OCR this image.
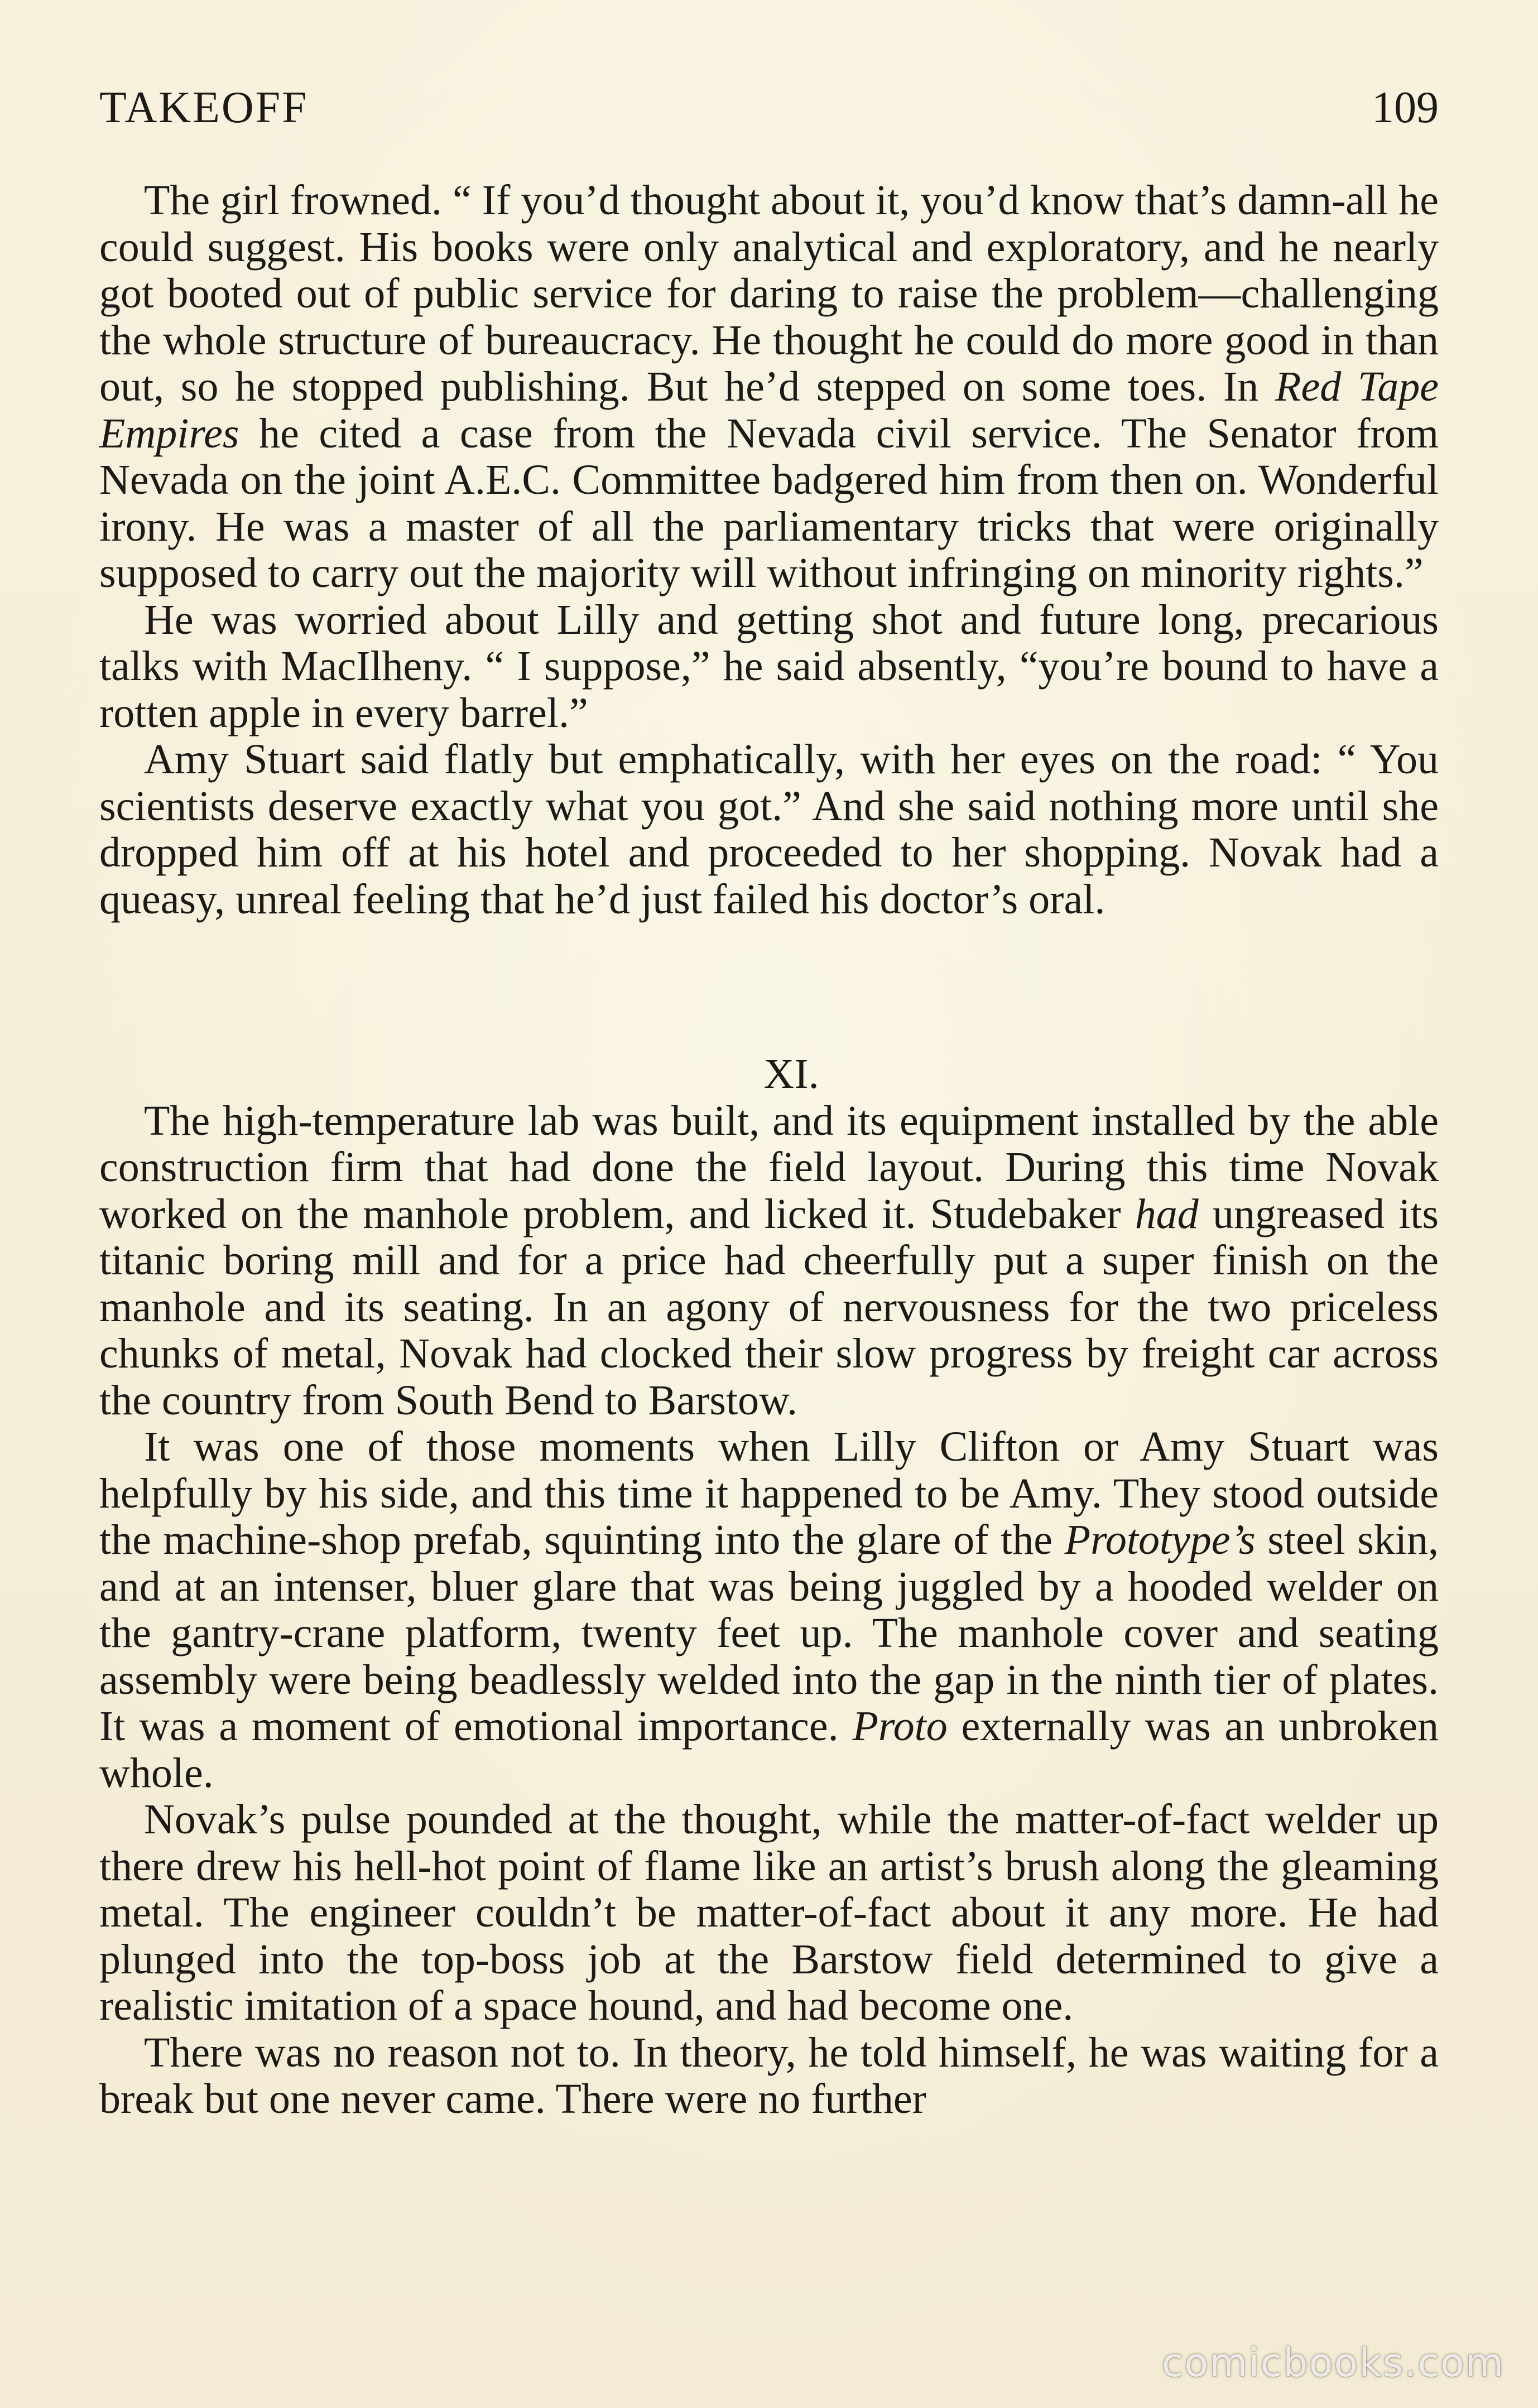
TAKEOFF	109

The girl frowned. “ If you’d thought about it, you’d know that’s damn-all he could suggest. His books were only analytical and exploratory, and he nearly got booted out of public service for daring to raise the problem—challenging the whole structure of bureaucracy. He thought he could do more good in than out, so he stopped publishing. But he’d stepped on some toes. In Red Tape Empires he cited a case from the Nevada civil service. The Senator from Nevada on the joint A.E.C. Committee badgered him from then on. Wonderful irony. He was a master of all the parliamentary tricks that were originally supposed to carry out the majority will without infringing on minority rights.”

He was worried about Lilly and getting shot and future long, precarious talks with MacIlheny. “ I suppose,” he said absently, “you’re bound to have a rotten apple in every barrel.”

Amy Stuart said flatly but emphatically, with her eyes on the road: “ You scientists deserve exactly what you got.” And she said nothing more until she dropped him off at his hotel and proceeded to her shopping. Novak had a queasy, unreal feeling that he’d just failed his doctor’s oral.

XI.

The high-temperature lab was built, and its equipment installed by the able construction firm that had done the field layout. During this time Novak worked on the manhole problem, and licked it. Studebaker had ungreased its titanic boring mill and for a price had cheerfully put a super finish on the manhole and its seating. In an agony of nervousness for the two priceless chunks of metal, Novak had clocked their slow progress by freight car across the country from South Bend to Barstow.

It was one of those moments when Lilly Clifton or Amy Stuart was helpfully by his side, and this time it happened to be Amy. They stood outside the machine-shop prefab, squinting into the glare of the Prototype’s steel skin, and at an intenser, bluer glare that was being juggled by a hooded welder on the gantry-crane platform, twenty feet up. The manhole cover and seating assembly were being beadlessly welded into the gap in the ninth tier of plates. It was a moment of emotional importance. Proto externally was an unbroken whole.

Novak’s pulse pounded at the thought, while the matter-of-fact welder up there drew his hell-hot point of flame like an artist’s brush along the gleaming metal. The engineer couldn’t be matter-of-fact about it any more. He had plunged into the top-boss job at the Barstow field determined to give a realistic imitation of a space hound, and had become one.

There was no reason not to. In theory, he told himself, he was waiting for a break but one never came. There were no further

comicbooks.com
